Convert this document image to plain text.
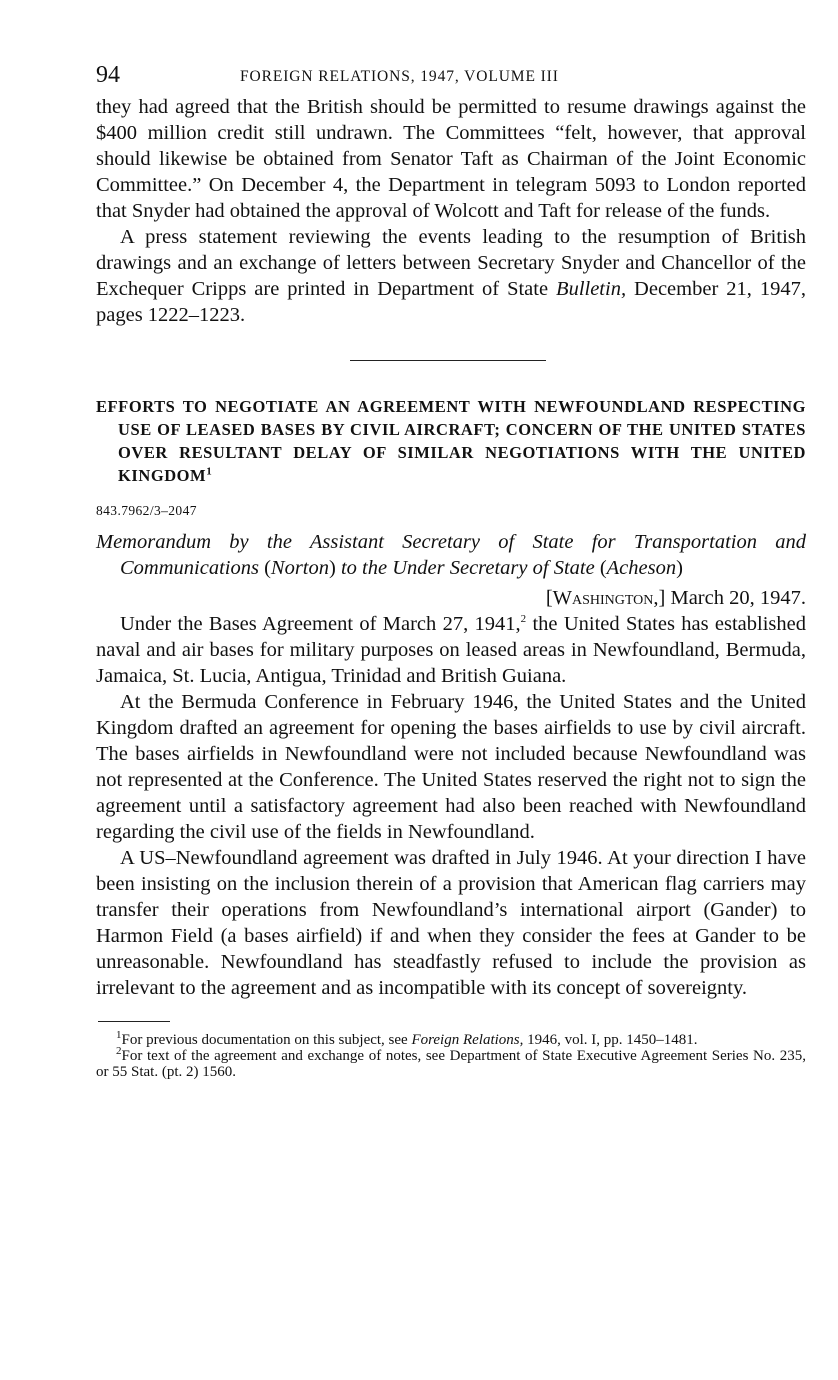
94	FOREIGN RELATIONS, 1947, VOLUME III

they had agreed that the British should be permitted to resume drawings against the $400 million credit still undrawn. The Committees “felt, however, that approval should likewise be obtained from Senator Taft as Chairman of the Joint Economic Committee.” On December 4, the Department in telegram 5093 to London reported that Snyder had obtained the approval of Wolcott and Taft for release of the funds.

A press statement reviewing the events leading to the resumption of British drawings and an exchange of letters between Secretary Snyder and Chancellor of the Exchequer Cripps are printed in Department of State Bulletin, December 21, 1947, pages 1222–1223.

EFFORTS TO NEGOTIATE AN AGREEMENT WITH NEWFOUNDLAND RESPECTING USE OF LEASED BASES BY CIVIL AIRCRAFT; CONCERN OF THE UNITED STATES OVER RESULTANT DELAY OF SIMILAR NEGOTIATIONS WITH THE UNITED KINGDOM$^1$
843.7962/3–2047
Memorandum by the Assistant Secretary of State for Transportation and Communications (Norton) to the Under Secretary of State (Acheson)
[Washington,] March 20, 1947.

Under the Bases Agreement of March 27, 1941,$^2$ the United States has established naval and air bases for military purposes on leased areas in Newfoundland, Bermuda, Jamaica, St. Lucia, Antigua, Trinidad and British Guiana.

At the Bermuda Conference in February 1946, the United States and the United Kingdom drafted an agreement for opening the bases airfields to use by civil aircraft. The bases airfields in Newfoundland were not included because Newfoundland was not represented at the Conference. The United States reserved the right not to sign the agreement until a satisfactory agreement had also been reached with Newfoundland regarding the civil use of the fields in Newfoundland.

A US–Newfoundland agreement was drafted in July 1946. At your direction I have been insisting on the inclusion therein of a provision that American flag carriers may transfer their operations from Newfoundland’s international airport (Gander) to Harmon Field (a bases airfield) if and when they consider the fees at Gander to be unreasonable. Newfoundland has steadfastly refused to include the provision as irrelevant to the agreement and as incompatible with its concept of sovereignty.

$^1$For previous documentation on this subject, see Foreign Relations, 1946, vol. I, pp. 1450–1481.

$^2$For text of the agreement and exchange of notes, see Department of State Executive Agreement Series No. 235, or 55 Stat. (pt. 2) 1560.
